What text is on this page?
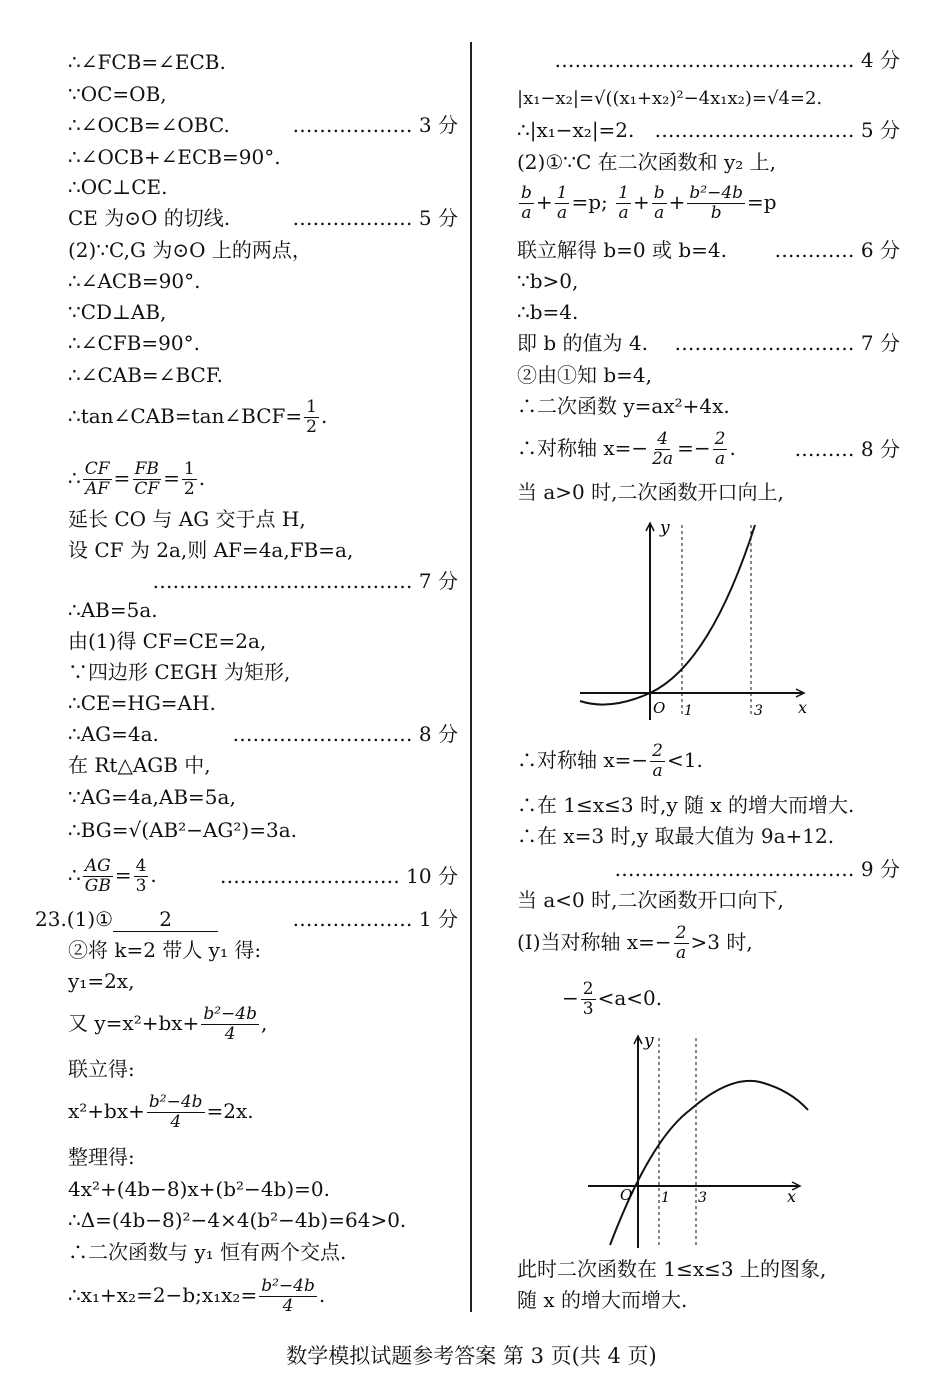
∴∠FCB=∠ECB.
∵OC=OB,
∴∠OCB=∠OBC.	……………… 3 分
∴∠OCB+∠ECB=90°.
∴OC⊥CE.
CE 为⊙O 的切线.	……………… 5 分
(2)∵C,G 为⊙O 上的两点，
∴∠ACB=90°.
∵CD⊥AB,
∴∠CFB=90°.
∴∠CAB=∠BCF.
∴tan∠CAB=tan∠BCF= $\frac{1}{2}$ .
∴ $\frac{CF}{AF} = \frac{FB}{CF} = \frac{1}{2}$ .
延长 CO 与 AG 交于点 H,
设 CF 为 2a,则 AF=4a,FB=a,
………………………………… 7 分
∴AB=5a.
由(1)得 CF=CE=2a,
∵四边形 CEGH 为矩形,
∴CE=HG=AH.
∴AG=4a.	……………………… 8 分
在 Rt△AGB 中,
∵AG=4a,AB=5a,
∴BG=√(AB²−AG²)=3a.
∴ $\frac{AG}{GB} = \frac{4}{3}$ .	……………………… 10 分
23.(1)① 2	……………… 1 分
②将 k=2 带人 y₁ 得:
y₁=2x,
又 $y=x^2+bx+ \frac{\text{b²−4b}}{4}$ ,
联立得:
$x^2+bx+ \frac{\text{b²−4b}}{4} =2x$.
整理得:
4x²+(4b−8)x+(b²−4b)=0.
∴Δ=(4b−8)²−4×4(b²−4b)=64>0.
∴二次函数与 y₁ 恒有两个交点.
∴x₁+x₂=2−b;x₁x₂= $\frac{\text{b²−4b}}{4}$ .
……………………………………… 4 分
|x₁−x₂|=√((x₁+x₂)²−4x₁x₂)=√4=2.
∴|x₁−x₂|=2. ………………………… 5 分
(2)①∵C 在二次函数和 y₂ 上,
$\frac{b}{a} + \frac{1}{a} =p$; $\frac{1}{a} + \frac{b}{a} + \frac{\text{b²−4b}}{b} =p$
联立解得 b=0 或 b=4. ………… 6 分
∵b>0,
∴b=4.
即 b 的值为 4. ……………………… 7 分
②由①知 b=4,
∴二次函数 y=ax²+4x.
∴对称轴 $x=- \frac{4}{2a} =- \frac{2}{a}$ .	……… 8 分
当 a>0 时,二次函数开口向上,
y
O 1	3 x
∴对称轴 $x=- \frac{2}{a} <1$.
∴在 1≤x≤3 时,y 随 x 的增大而增大.
∴在 x=3 时,y 取最大值为 9a+12.
……………………………… 9 分
当 a<0 时,二次函数开口向下,
(Ⅰ)当对称轴 $x=- \frac{2}{a} >3$ 时,
− $\frac{2}{3} <a<0$.
y
O 1 3	x
此时二次函数在 1≤x≤3 上的图象,
随 x 的增大而增大.
数学模拟试题参考答案 第 3 页(共 4 页)
